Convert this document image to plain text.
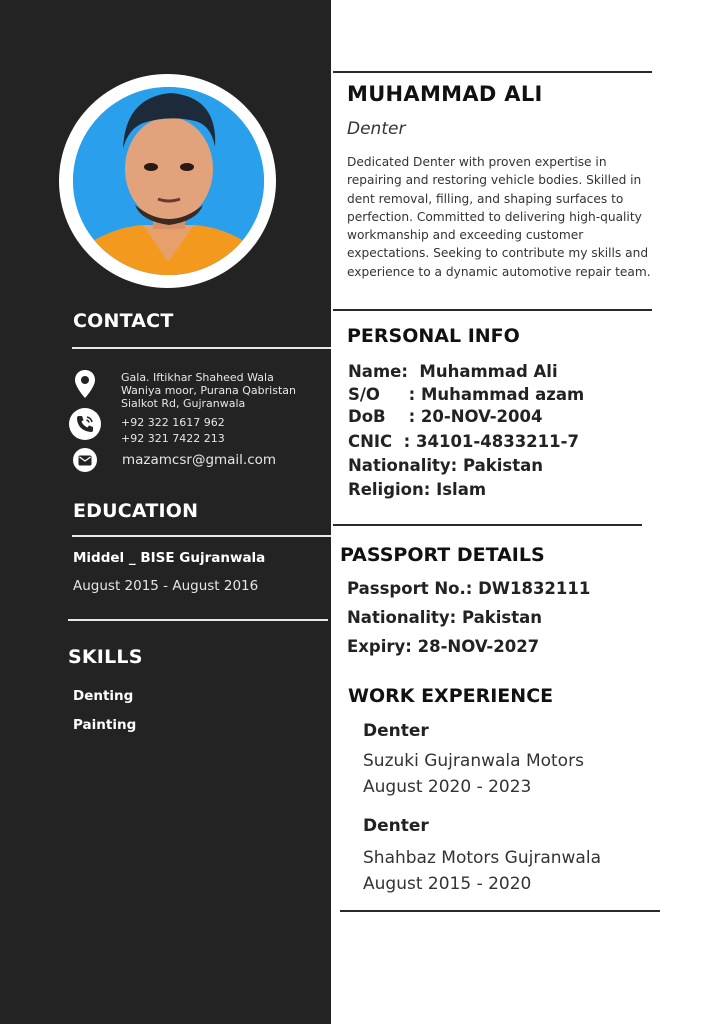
CONTACT
Gala. Iftikhar Shaheed Wala
Waniya moor, Purana Qabristan
Sialkot Rd, Gujranwala
+92 322 1617 962
+92 321 7422 213
mazamcsr@gmail.com
EDUCATION
Middel _ BISE Gujranwala
August 2015 - August 2016
SKILLS
Denting
Painting
MUHAMMAD ALI
Denter
Dedicated Denter with proven expertise in repairing and restoring vehicle bodies. Skilled in dent removal, filling, and shaping surfaces to perfection. Committed to delivering high-quality workmanship and exceeding customer expectations. Seeking to contribute my skills and experience to a dynamic automotive repair team.
PERSONAL INFO
Name:  Muhammad Ali
S/O     : Muhammad azam
DoB    : 20-NOV-2004
CNIC  : 34101-4833211-7
Nationality: Pakistan
Religion: Islam
PASSPORT DETAILS
Passport No.: DW1832111
Nationality: Pakistan
Expiry: 28-NOV-2027
WORK EXPERIENCE
Denter
Suzuki Gujranwala Motors
August 2020 - 2023
Denter
Shahbaz Motors Gujranwala
August 2015 - 2020
